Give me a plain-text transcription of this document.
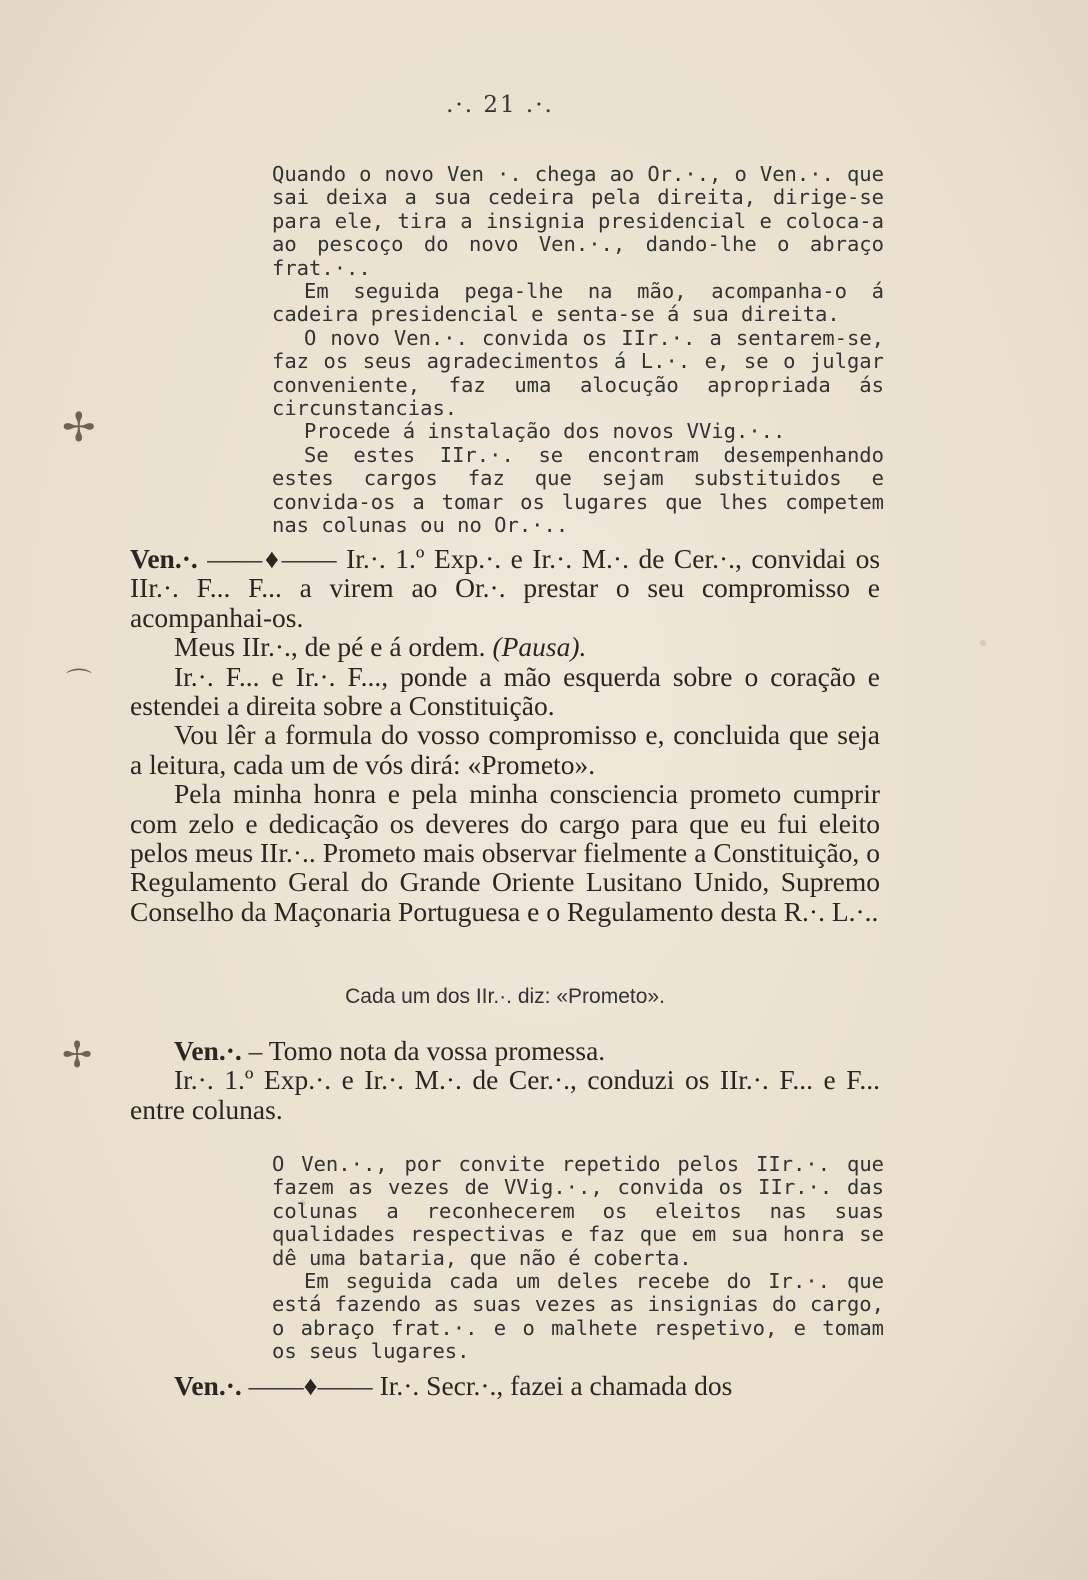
✢
⌒
✢
.·. 21 .·.

Quando o novo Ven ·. chega ao Or.·., o Ven.·. que sai deixa a sua cedeira pela direita, dirige-se para ele, tira a insignia presidencial e coloca-a ao pescoço do novo Ven.·., dando-lhe o abraço frat.·..

Em seguida pega-lhe na mão, acompanha-o á cadeira presidencial e senta-se á sua direita.

O novo Ven.·. convida os IIr.·. a sentarem-se, faz os seus agradecimentos á L.·. e, se o julgar conveniente, faz uma alocução apropriada ás circunstancias.

Procede á instalação dos novos VVig.·..

Se estes IIr.·. se encontram desempenhando estes cargos faz que sejam substituidos e convida-os a tomar os lugares que lhes competem nas colunas ou no Or.·..

Ven.·. ——♦—— Ir.·. 1.º Exp.·. e Ir.·. M.·. de Cer.·., convidai os IIr.·. F... F... a virem ao Or.·. prestar o seu compromisso e acompanhai-os.

Meus IIr.·., de pé e á ordem. (Pausa).

Ir.·. F... e Ir.·. F..., ponde a mão esquerda sobre o coração e estendei a direita sobre a Constituição.

Vou lêr a formula do vosso compromisso e, concluida que seja a leitura, cada um de vós dirá: «Prometo».

Pela minha honra e pela minha consciencia prometo cumprir com zelo e dedicação os deveres do cargo para que eu fui eleito pelos meus IIr.·.. Prometo mais observar fielmente a Constituição, o Regulamento Geral do Grande Oriente Lusitano Unido, Supremo Conselho da Maçonaria Portuguesa e o Regulamento desta R.·. L.·..

Cada um dos IIr.·. diz: «Prometo».

Ven.·. – Tomo nota da vossa promessa.

Ir.·. 1.º Exp.·. e Ir.·. M.·. de Cer.·., conduzi os IIr.·. F... e F... entre colunas.

O Ven.·., por convite repetido pelos IIr.·. que fazem as vezes de VVig.·., convida os IIr.·. das colunas a reconhecerem os eleitos nas suas qualidades respectivas e faz que em sua honra se dê uma bataria, que não é coberta.

Em seguida cada um deles recebe do Ir.·. que está fazendo as suas vezes as insignias do cargo, o abraço frat.·. e o malhete respetivo, e tomam os seus lugares.

Ven.·. ——♦—— Ir.·. Secr.·., fazei a chamada dos
